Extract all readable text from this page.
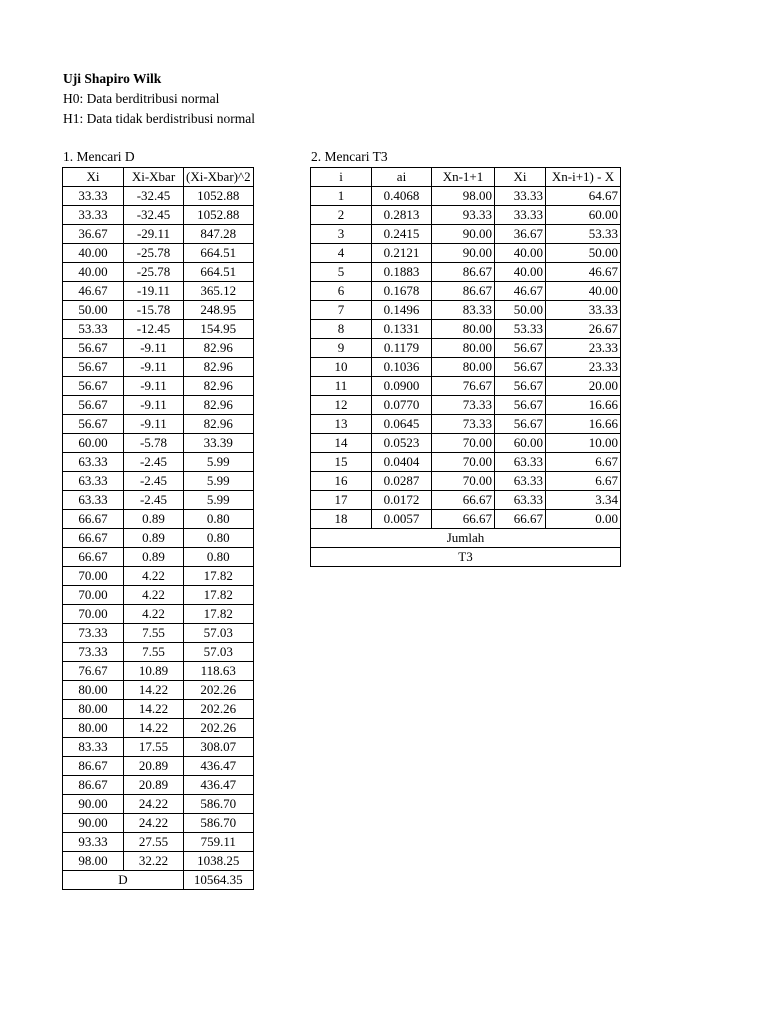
Uji Shapiro Wilk
H0: Data berditribusi normal
H1: Data tidak berdistribusi normal
1. Mencari D	2. Mencari T3
Xi	Xi-Xbar	(Xi-Xbar)^2
33.33	-32.45	1052.88
33.33	-32.45	1052.88
36.67	-29.11	847.28
40.00	-25.78	664.51
40.00	-25.78	664.51
46.67	-19.11	365.12
50.00	-15.78	248.95
53.33	-12.45	154.95
56.67	-9.11	82.96
56.67	-9.11	82.96
56.67	-9.11	82.96
56.67	-9.11	82.96
56.67	-9.11	82.96
60.00	-5.78	33.39
63.33	-2.45	5.99
63.33	-2.45	5.99
63.33	-2.45	5.99
66.67	0.89	0.80
66.67	0.89	0.80
66.67	0.89	0.80
70.00	4.22	17.82
70.00	4.22	17.82
70.00	4.22	17.82
73.33	7.55	57.03
73.33	7.55	57.03
76.67	10.89	118.63
80.00	14.22	202.26
80.00	14.22	202.26
80.00	14.22	202.26
83.33	17.55	308.07
86.67	20.89	436.47
86.67	20.89	436.47
90.00	24.22	586.70
90.00	24.22	586.70
93.33	27.55	759.11
98.00	32.22	1038.25
D		10564.35
i	ai	Xn-1+1	Xi	Xn-i+1) - X
1	0.4068	98.00	33.33	64.67
2	0.2813	93.33	33.33	60.00
3	0.2415	90.00	36.67	53.33
4	0.2121	90.00	40.00	50.00
5	0.1883	86.67	40.00	46.67
6	0.1678	86.67	46.67	40.00
7	0.1496	83.33	50.00	33.33
8	0.1331	80.00	53.33	26.67
9	0.1179	80.00	56.67	23.33
10	0.1036	80.00	56.67	23.33
11	0.0900	76.67	56.67	20.00
12	0.0770	73.33	56.67	16.66
13	0.0645	73.33	56.67	16.66
14	0.0523	70.00	60.00	10.00
15	0.0404	70.00	63.33	6.67
16	0.0287	70.00	63.33	6.67
17	0.0172	66.67	63.33	3.34
18	0.0057	66.67	66.67	0.00
Jumlah				
T3				
